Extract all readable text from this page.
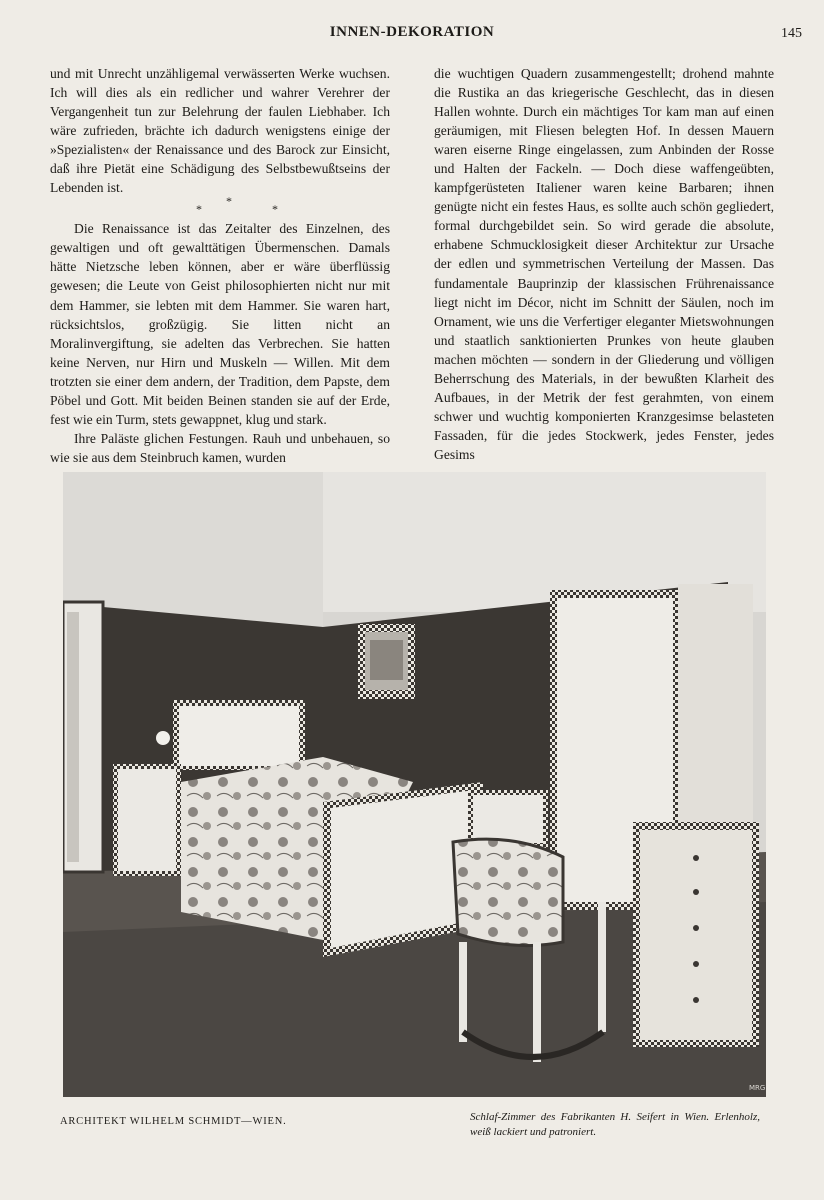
INNEN-DEKORATION	145

und mit Unrecht unzähligemal verwässerten Werke wuchsen. Ich will dies als ein redlicher und wahrer Verehrer der Vergangenheit tun zur Belehrung der faulen Liebhaber. Ich wäre zufrieden, brächte ich dadurch wenigstens einige der »Spezialisten« der Renaissance und des Barock zur Einsicht, daß ihre Pietät eine Schädigung des Selbstbewußtseins der Lebenden ist.

*
*	*

Die Renaissance ist das Zeitalter des Einzelnen, des gewaltigen und oft gewalttätigen Übermenschen. Damals hätte Nietzsche leben können, aber er wäre überflüssig gewesen; die Leute von Geist philosophierten nicht nur mit dem Hammer, sie lebten mit dem Hammer. Sie waren hart, rücksichtslos, großzügig. Sie litten nicht an Moralinvergiftung, sie adelten das Verbrechen. Sie hatten keine Nerven, nur Hirn und Muskeln — Willen. Mit dem trotzten sie einer dem andern, der Tradition, dem Papste, dem Pöbel und Gott. Mit beiden Beinen standen sie auf der Erde, fest wie ein Turm, stets gewappnet, klug und stark.

Ihre Paläste glichen Festungen. Rauh und unbehauen, so wie sie aus dem Steinbruch kamen, wurden

die wuchtigen Quadern zusammengestellt; drohend mahnte die Rustika an das kriegerische Geschlecht, das in diesen Hallen wohnte. Durch ein mächtiges Tor kam man auf einen geräumigen, mit Fliesen belegten Hof. In dessen Mauern waren eiserne Ringe eingelassen, zum Anbinden der Rosse und Halten der Fackeln. — Doch diese waffengeübten, kampfgerüsteten Italiener waren keine Barbaren; ihnen genügte nicht ein festes Haus, es sollte auch schön gegliedert, formal durchgebildet sein. So wird gerade die absolute, erhabene Schmucklosigkeit dieser Architektur zur Ursache der edlen und symmetrischen Verteilung der Massen. Das fundamentale Bauprinzip der klassischen Frührenaissance liegt nicht im Décor, nicht im Schnitt der Säulen, noch im Ornament, wie uns die Verfertiger eleganter Mietswohnungen und staatlich sanktionierten Prunkes von heute glauben machen möchten — sondern in der Gliederung und völligen Beherrschung des Materials, in der bewußten Klarheit des Aufbaues, in der Metrik der fest gerahmten, von einem schwer und wuchtig komponierten Kranzgesimse belasteten Fassaden, für die jedes Stockwerk, jedes Fenster, jedes Gesims

MRG
ARCHITEKT WILHELM SCHMIDT—WIEN.	Schlaf-Zimmer des Fabrikanten H. Seifert in Wien. Erlenholz, weiß lackiert und patroniert.
